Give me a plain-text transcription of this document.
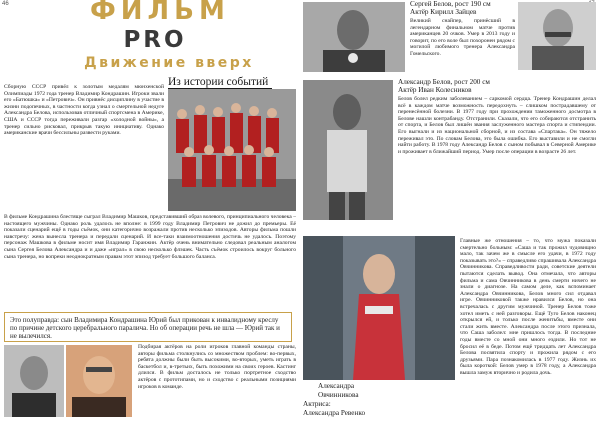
46	ФИЛЬМ
PRO
Движение вверх
Из истории событий
Сборную СССР привёл к золотым медалям мюнхенской Олимпиады 1972 года тренер Владимир Кондрашин. Игроки звали его «Батюшка» и «Петрович». Он привнёс дисциплину в участие в жизни подопечных, в частности когда узнал о смертельной недуге Александра Белова, использовав отличный спортсмена в Америке, США и СССР тогда переживали разгар «холодной войны», а тренер сильно рисковал, прикрыв такую инициативу. Однако американские врачи бессильны развести руками.
В фильме Кондрашина блестяще сыграл Владимир Машков, представивший образ волевого, принципиального человека – настоящего мужчины. Однако роль удалось не вполне: в 1999 году Владимир Петрович не дожил до премьеры. Её показали сценарий ещё в годы съёмок, они категорично возражали против несколько эпизодов. Авторы фильма пошли навстречу: жена вынесла тренера и передали сценарий. И все-таки взаимоотношения достичь не удалось. Поэтому персонаж Машкова в фильме носит имя Владимир Гаранжин. Актёр очень внимательно следовал реальным аналогом сына Сергея Белова Александра и и даже «играл» в свою несколько флэшек. Часть съёмок строилось вокруг больного сына тренера, но вопреки неоднократным правам этот эпизод требует большого баланса.
Это полуправда: сын Владимира Кондрашина Юрий был прикован к инвалидному креслу по причине детского церебрального паралича. Но об операции речь не шла — Юрий так и не вылечился.
Подбирая актёров на роли игроков главной команды страны, авторы фильма столкнулись со множеством проблем: во-первых, ребята должны были быть высокими, во-вторых, уметь играть в баскетбол и, в-третьих, быть похожими на своих героев. Кастинг длился. В фильм досталось не только портретное сходство актёров с прототипами, но и сходство с реальными позициями игроков в команде.
Сергей Белов, рост 190 см
Актёр Кирилл Зайцев
Великий снайпер, принёсший в легендарном финальном матче против американцев 20 очков. Умер в 2013 году и говорит, по его воле был похоронен рядом с могилой любимого тренера Александра Гомельского.
Александр Белов, рост 200 см
Актёр Иван Колесников
Белов болел редким заболеванием – саркомой сердца. Тренер Кондрашин делал всё в каждом матче возможность передохнуть – слишком пострадавшему от перенесённой болезни. В 1977 году при прохождении таможенного досмотра в Белове нашли контрабанду. Отстранили. Сказали, что его собираются отстранить от спорта, и Белов был лишён звания заслуженного мастера спорта и стипендии. Его выгнали и из национальной сборной, и из состава «Спартака». Он тяжело переживал это. По словам Белова, это была ошибка. Его выставили и не смогли найти работу. В 1978 году Александр Белов с сыном побывал в Северной Америке и проживает в ближайший период. Умер после операции в возрасте 26 лет.
Александра
Овчинникова
Актриса:
Александра Ревенко
Главные же отношения – то, что мужа показали смертельно больным: «Саша и так прожил чудовищно мало, так зачем же в смысле его удачи, в 1972 году показывать это?» – справедливо спрашивала Александра Овчинникова. Справедливости ради, советские деятели пытаются сделать вывод. Она отмечала, что авторы фильма и сама Овчинникова в день смерти ничего не знали о диагнозе. На самом деле, как вспоминает Александра Овчинникова, Белов много сил отдавал игре. Овчинниковой также нравился Белов, но она встречалась с другим мужчиной. Тренер Белов тоже хотел иметь с ней разговоры. Ещё Туго Белов наконец открылся ей, и только после женитьбы, вместе они стали жить вместе. Александра после этого признала, что Саша заболел: мне пришлось тогда. В последние годы вместе со мной они много ездили. Но тот не бросил её в беде. Потом ещё тридцать лет Александра Белова посвятила спорту и прожила рядом с его друзьями. Пара познакомилась в 1977 году. Жизнь их была короткой: Белов умер в 1978 году, а Александра вышла замуж вторично и родила дочь.
